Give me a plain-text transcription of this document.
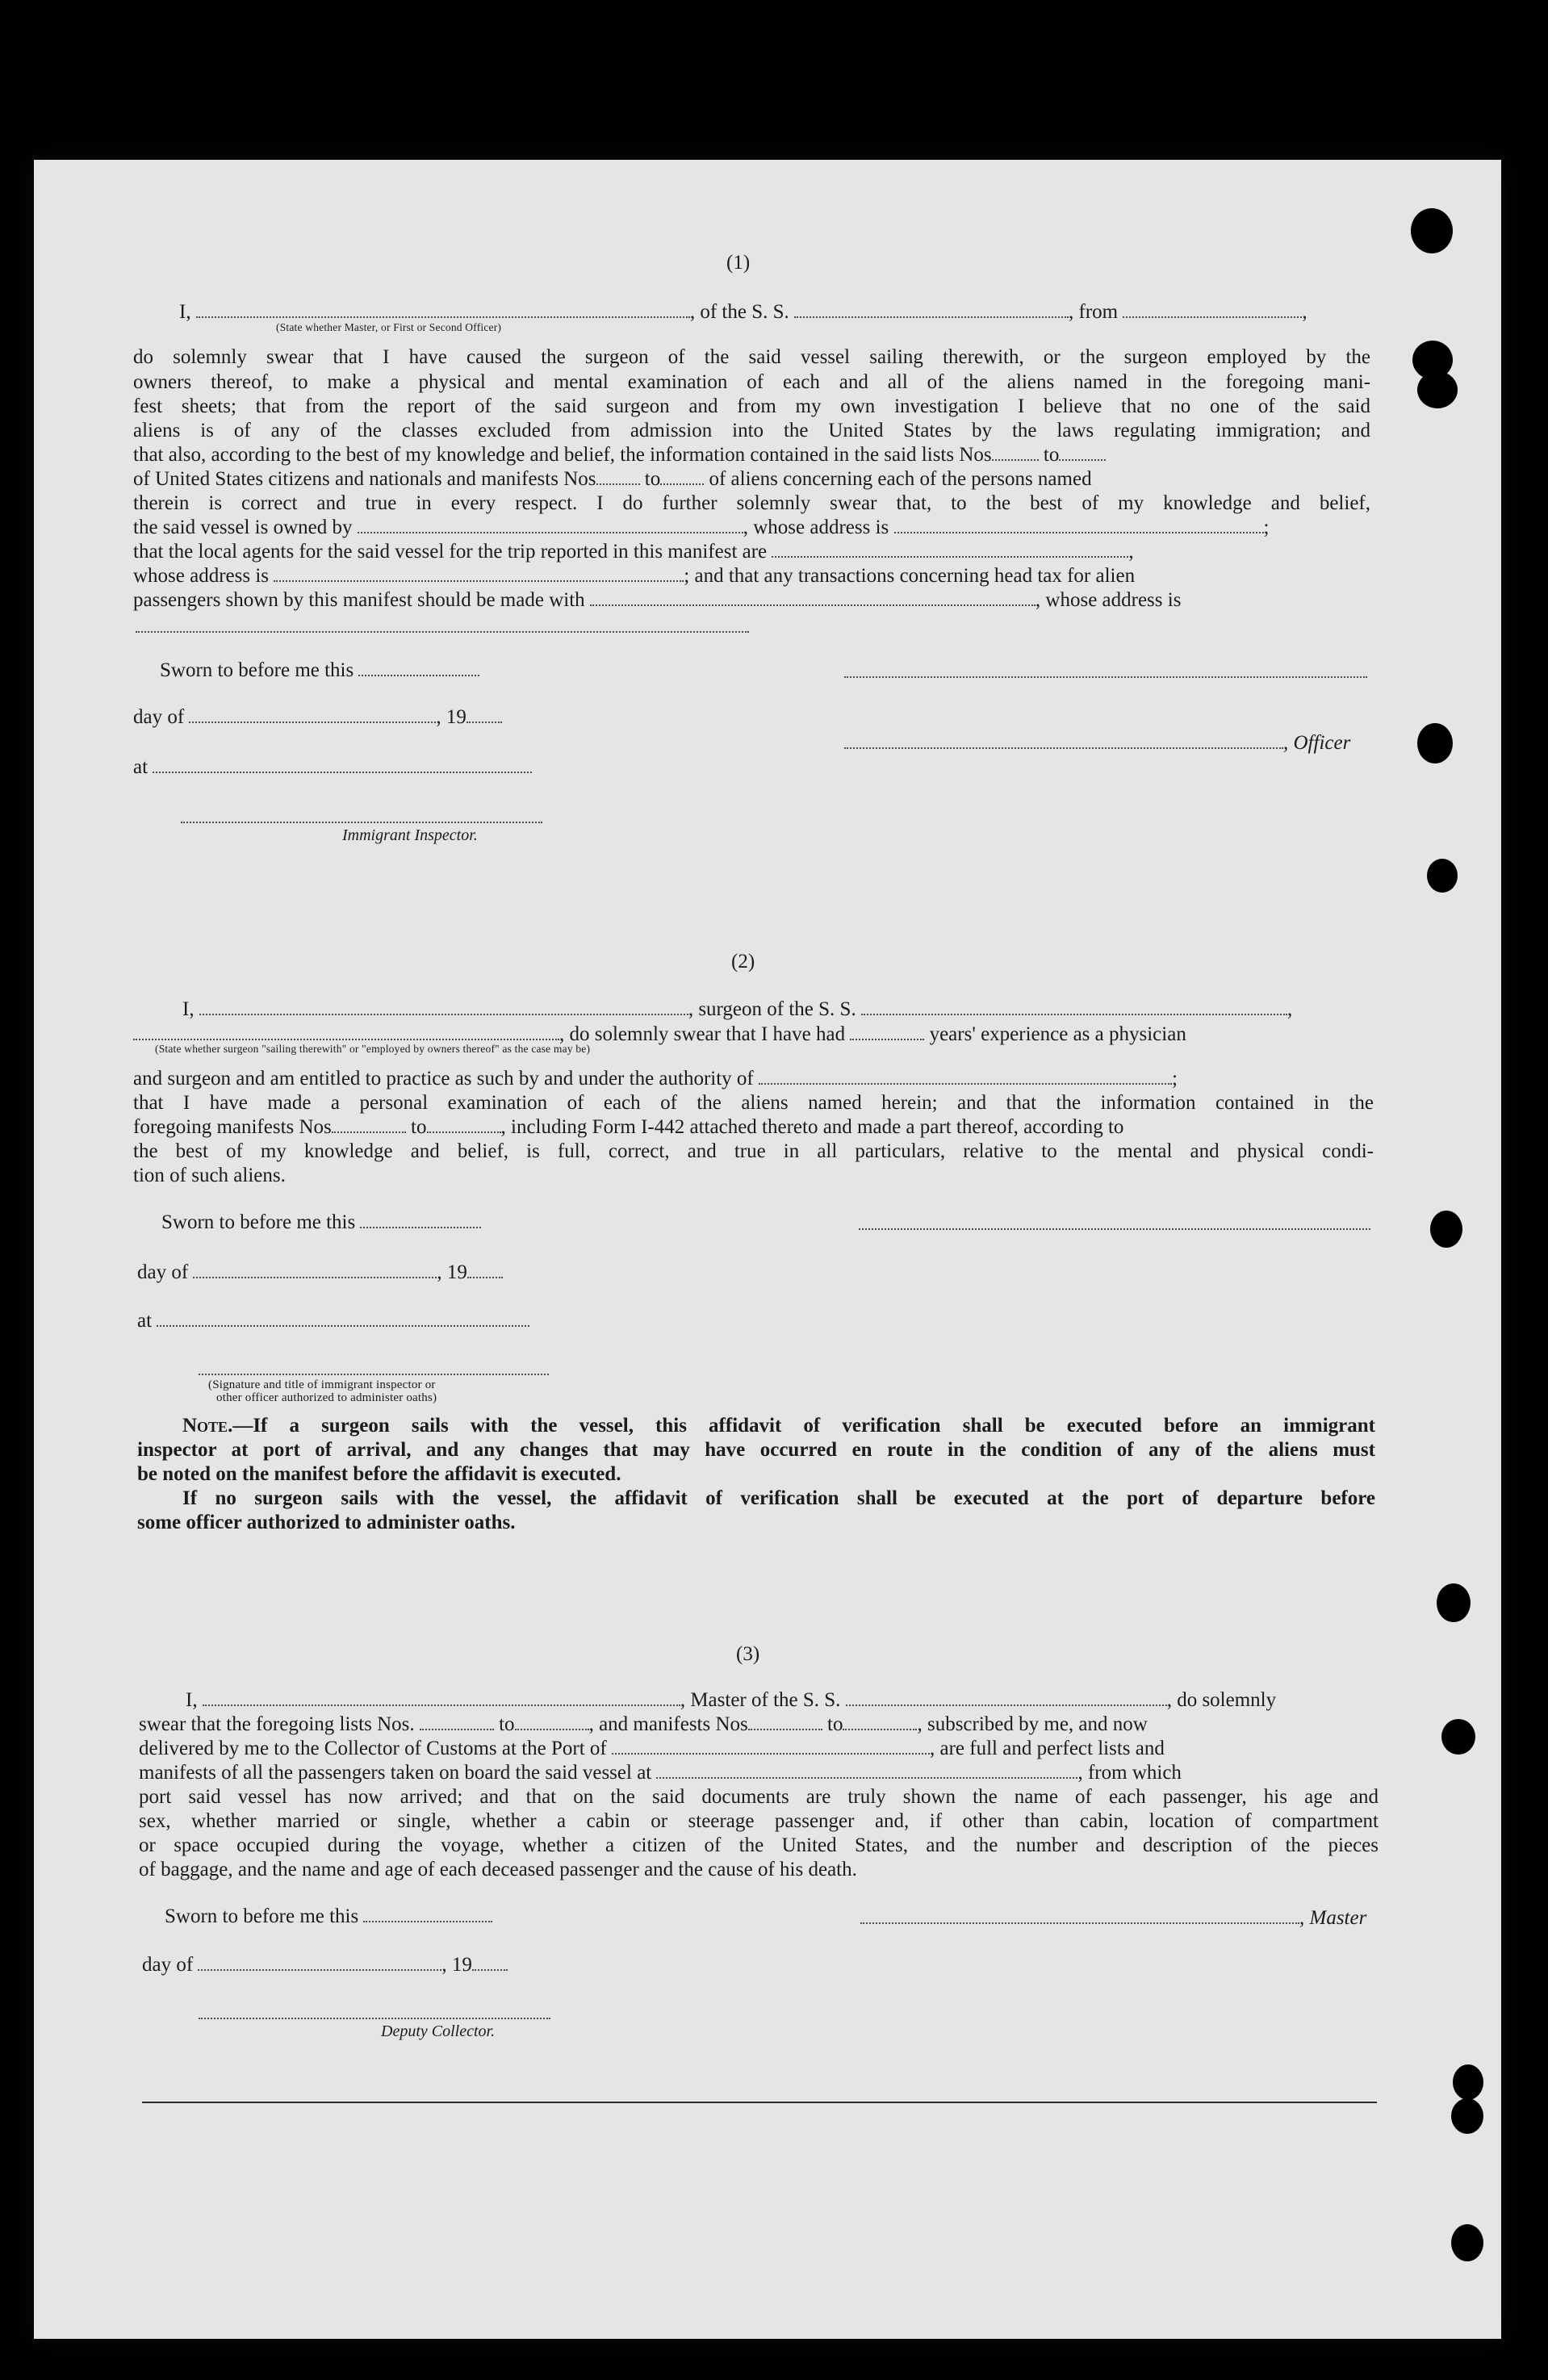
(1)
I,	, of the S. S.	, from	,
(State whether Master, or First or Second Officer)
do solemnly swear that I have caused the surgeon of the said vessel sailing therewith, or the surgeon employed by the
owners thereof, to make a physical and mental examination of each and all of the aliens named in the foregoing mani-
fest sheets; that from the report of the said surgeon and from my own investigation I believe that no one of the said
aliens is of any of the classes excluded from admission into the United States by the laws regulating immigration; and
that also, according to the best of my knowledge and belief, the information contained in the said lists Nos	to
of United States citizens and nationals and manifests Nos to of aliens concerning each of the persons named
therein is correct and true in every respect. I do further solemnly swear that, to the best of my knowledge and belief,
the said vessel is owned by	, whose address is	;
that the local agents for the said vessel for the trip reported in this manifest are	,
whose address is	; and that any transactions concerning head tax for alien
passengers shown by this manifest should be made with	, whose address is
Sworn to before me this
day of	, 19
, Officer
at
Immigrant Inspector.
(2)
I,	, surgeon of the S. S.	,
, do solemnly swear that I have had	years' experience as a physician
(State whether surgeon "sailing therewith" or "employed by owners thereof" as the case may be)
and surgeon and am entitled to practice as such by and under the authority of	;
that I have made a personal examination of each of the aliens named herein; and that the information contained in the
foregoing manifests Nos	to	, including Form I-442 attached thereto and made a part thereof, according to
the best of my knowledge and belief, is full, correct, and true in all particulars, relative to the mental and physical condi-
tion of such aliens.
Sworn to before me this
day of	, 19
at
(Signature and title of immigrant inspector or
other officer authorized to administer oaths)
Note.—If a surgeon sails with the vessel, this affidavit of verification shall be executed before an immigrant
inspector at port of arrival, and any changes that may have occurred en route in the condition of any of the aliens must
be noted on the manifest before the affidavit is executed.
If no surgeon sails with the vessel, the affidavit of verification shall be executed at the port of departure before
some officer authorized to administer oaths.
(3)
I,	, Master of the S. S.	, do solemnly
swear that the foregoing lists Nos.	to	, and manifests Nos	to	, subscribed by me, and now
delivered by me to the Collector of Customs at the Port of	, are full and perfect lists and
manifests of all the passengers taken on board the said vessel at	, from which
port said vessel has now arrived; and that on the said documents are truly shown the name of each passenger, his age and
sex, whether married or single, whether a cabin or steerage passenger and, if other than cabin, location of compartment
or space occupied during the voyage, whether a citizen of the United States, and the number and description of the pieces
of baggage, and the name and age of each deceased passenger and the cause of his death.
Sworn to before me this	, Master
day of	, 19
Deputy Collector.
